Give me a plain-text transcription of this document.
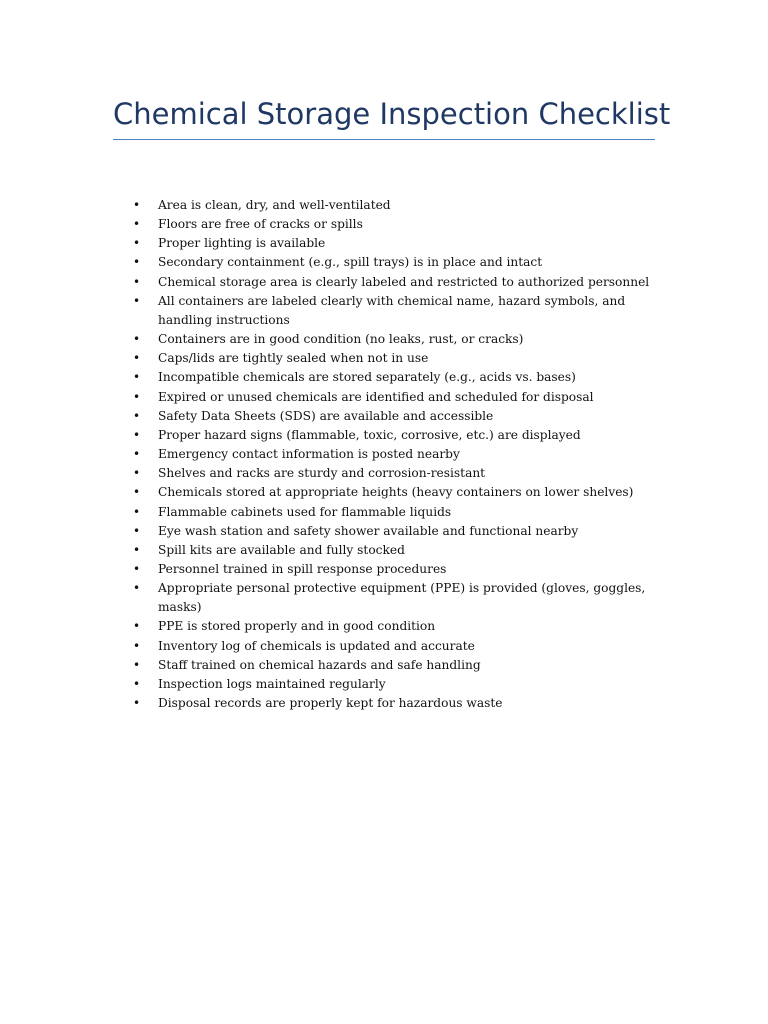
Chemical Storage Inspection Checklist
• Area is clean, dry, and well-ventilated
• Floors are free of cracks or spills
• Proper lighting is available
• Secondary containment (e.g., spill trays) is in place and intact
• Chemical storage area is clearly labeled and restricted to authorized personnel
• All containers are labeled clearly with chemical name, hazard symbols, and handling instructions
• Containers are in good condition (no leaks, rust, or cracks)
• Caps/lids are tightly sealed when not in use
• Incompatible chemicals are stored separately (e.g., acids vs. bases)
• Expired or unused chemicals are identified and scheduled for disposal
• Safety Data Sheets (SDS) are available and accessible
• Proper hazard signs (flammable, toxic, corrosive, etc.) are displayed
• Emergency contact information is posted nearby
• Shelves and racks are sturdy and corrosion-resistant
• Chemicals stored at appropriate heights (heavy containers on lower shelves)
• Flammable cabinets used for flammable liquids
• Eye wash station and safety shower available and functional nearby
• Spill kits are available and fully stocked
• Personnel trained in spill response procedures
• Appropriate personal protective equipment (PPE) is provided (gloves, goggles, masks)
• PPE is stored properly and in good condition
• Inventory log of chemicals is updated and accurate
• Staff trained on chemical hazards and safe handling
• Inspection logs maintained regularly
• Disposal records are properly kept for hazardous waste
